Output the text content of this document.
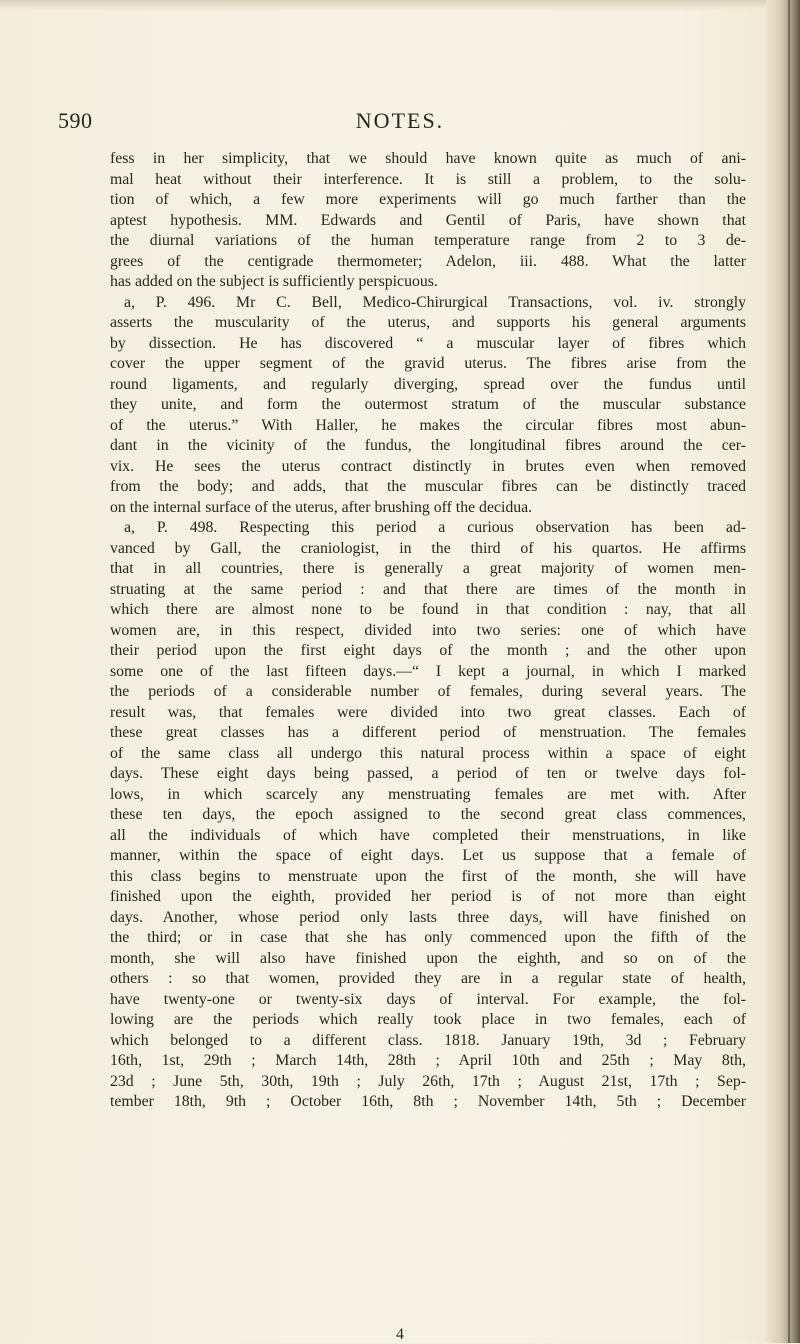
590	NOTES.
fess in her simplicity, that we should have known quite as much of ani-
mal heat without their interference. It is still a problem, to the solu-
tion of which, a few more experiments will go much farther than the
aptest hypothesis. MM. Edwards and Gentil of Paris, have shown that
the diurnal variations of the human temperature range from 2 to 3 de-
grees of the centigrade thermometer; Adelon, iii. 488. What the latter
has added on the subject is sufficiently perspicuous.
a, P. 496. Mr C. Bell, Medico-Chirurgical Transactions, vol. iv. strongly
asserts the muscularity of the uterus, and supports his general arguments
by dissection. He has discovered “ a muscular layer of fibres which
cover the upper segment of the gravid uterus. The fibres arise from the
round ligaments, and regularly diverging, spread over the fundus until
they unite, and form the outermost stratum of the muscular substance
of the uterus.” With Haller, he makes the circular fibres most abun-
dant in the vicinity of the fundus, the longitudinal fibres around the cer-
vix. He sees the uterus contract distinctly in brutes even when removed
from the body; and adds, that the muscular fibres can be distinctly traced
on the internal surface of the uterus, after brushing off the decidua.
a, P. 498. Respecting this period a curious observation has been ad-
vanced by Gall, the craniologist, in the third of his quartos. He affirms
that in all countries, there is generally a great majority of women men-
struating at the same period : and that there are times of the month in
which there are almost none to be found in that condition : nay, that all
women are, in this respect, divided into two series: one of which have
their period upon the first eight days of the month ; and the other upon
some one of the last fifteen days.—“ I kept a journal, in which I marked
the periods of a considerable number of females, during several years. The
result was, that females were divided into two great classes. Each of
these great classes has a different period of menstruation. The females
of the same class all undergo this natural process within a space of eight
days. These eight days being passed, a period of ten or twelve days fol-
lows, in which scarcely any menstruating females are met with. After
these ten days, the epoch assigned to the second great class commences,
all the individuals of which have completed their menstruations, in like
manner, within the space of eight days. Let us suppose that a female of
this class begins to menstruate upon the first of the month, she will have
finished upon the eighth, provided her period is of not more than eight
days. Another, whose period only lasts three days, will have finished on
the third; or in case that she has only commenced upon the fifth of the
month, she will also have finished upon the eighth, and so on of the
others : so that women, provided they are in a regular state of health,
have twenty-one or twenty-six days of interval. For example, the fol-
lowing are the periods which really took place in two females, each of
which belonged to a different class. 1818. January 19th, 3d ; February
16th, 1st, 29th ; March 14th, 28th ; April 10th and 25th ; May 8th,
23d ; June 5th, 30th, 19th ; July 26th, 17th ; August 21st, 17th ; Sep-
tember 18th, 9th ; October 16th, 8th ; November 14th, 5th ; December
4
